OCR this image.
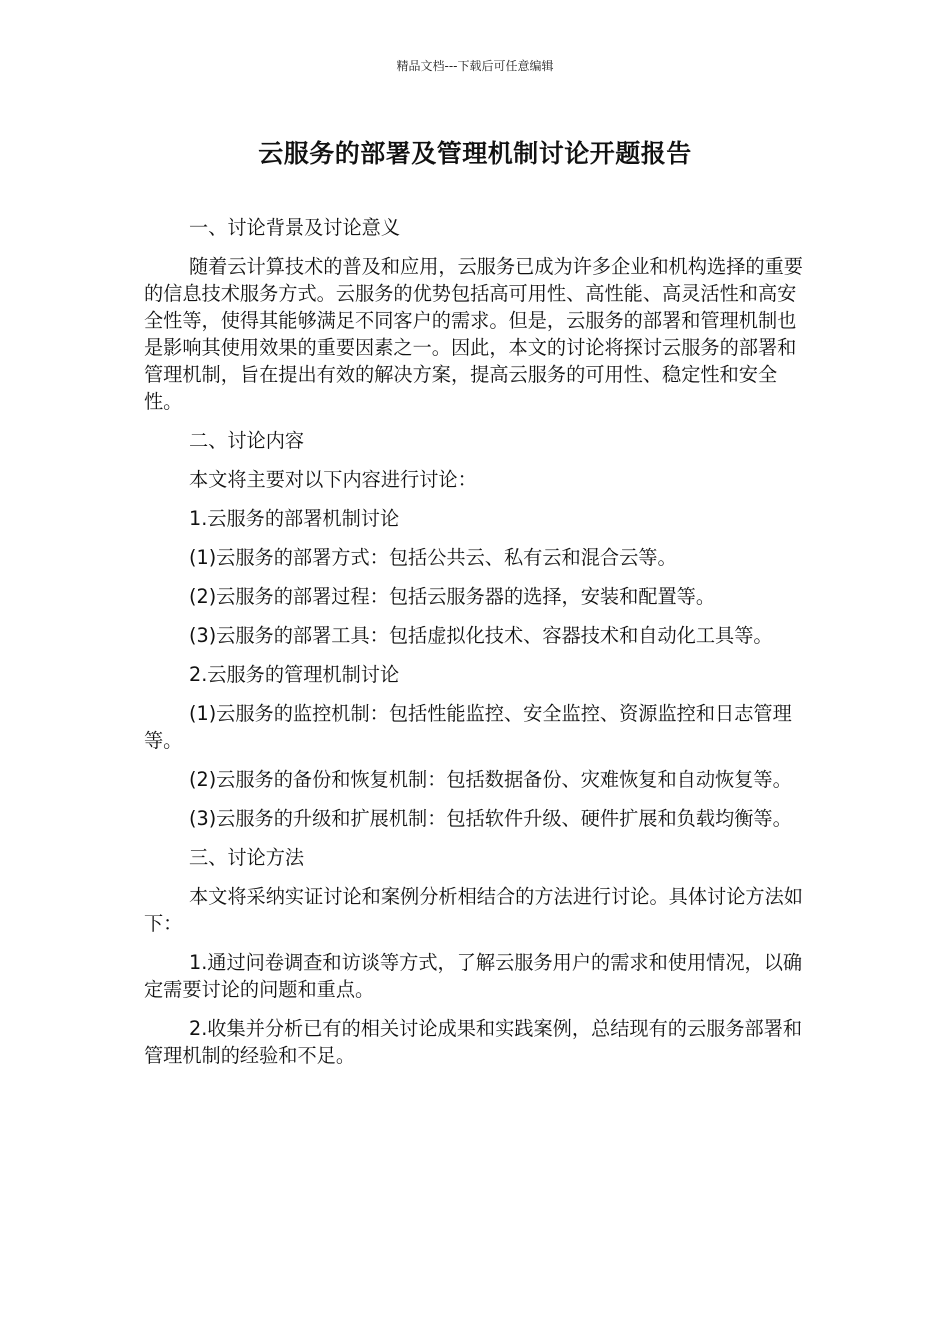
精品文档---下载后可任意编辑
云服务的部署及管理机制讨论开题报告

一、讨论背景及讨论意义

随着云计算技术的普及和应用，云服务已成为许多企业和机构选择的重要的信息技术服务方式。云服务的优势包括高可用性、高性能、高灵活性和高安全性等，使得其能够满足不同客户的需求。但是，云服务的部署和管理机制也是影响其使用效果的重要因素之一。因此，本文的讨论将探讨云服务的部署和管理机制，旨在提出有效的解决方案，提高云服务的可用性、稳定性和安全性。

二、讨论内容

本文将主要对以下内容进行讨论：

1.云服务的部署机制讨论

(1)云服务的部署方式：包括公共云、私有云和混合云等。

(2)云服务的部署过程：包括云服务器的选择，安装和配置等。

(3)云服务的部署工具：包括虚拟化技术、容器技术和自动化工具等。

2.云服务的管理机制讨论

(1)云服务的监控机制：包括性能监控、安全监控、资源监控和日志管理等。

(2)云服务的备份和恢复机制：包括数据备份、灾难恢复和自动恢复等。

(3)云服务的升级和扩展机制：包括软件升级、硬件扩展和负载均衡等。

三、讨论方法

本文将采纳实证讨论和案例分析相结合的方法进行讨论。具体讨论方法如下：

1.通过问卷调查和访谈等方式，了解云服务用户的需求和使用情况，以确定需要讨论的问题和重点。

2.收集并分析已有的相关讨论成果和实践案例，总结现有的云服务部署和管理机制的经验和不足。
